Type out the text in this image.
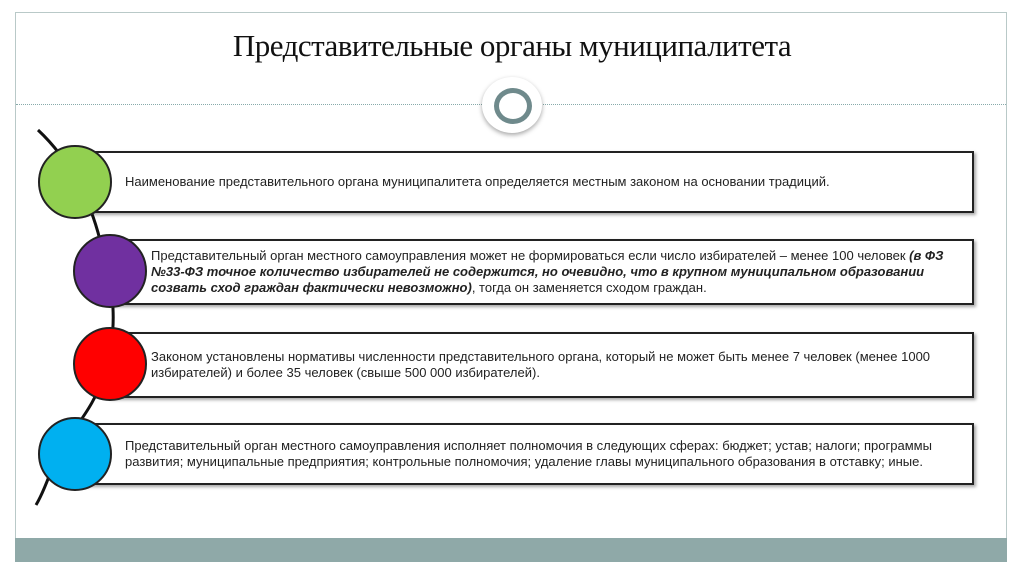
Представительные органы муниципалитета
Наименование представительного органа муниципалитета определяется местным законом на основании традиций.
Представительный орган местного самоуправления может не формироваться если число избирателей – менее 100 человек (в ФЗ №33-ФЗ точное количество избирателей не содержится, но очевидно, что в крупном муниципальном образовании созвать сход граждан фактически невозможно), тогда он заменяется сходом граждан.
Законом установлены нормативы численности представительного органа, который не может быть менее 7 человек (менее 1000 избирателей) и более 35 человек (свыше 500 000 избирателей).
Представительный орган местного самоуправления исполняет полномочия в следующих сферах: бюджет; устав; налоги; программы развития; муниципальные предприятия; контрольные полномочия; удаление главы муниципального образования в отставку; иные.
